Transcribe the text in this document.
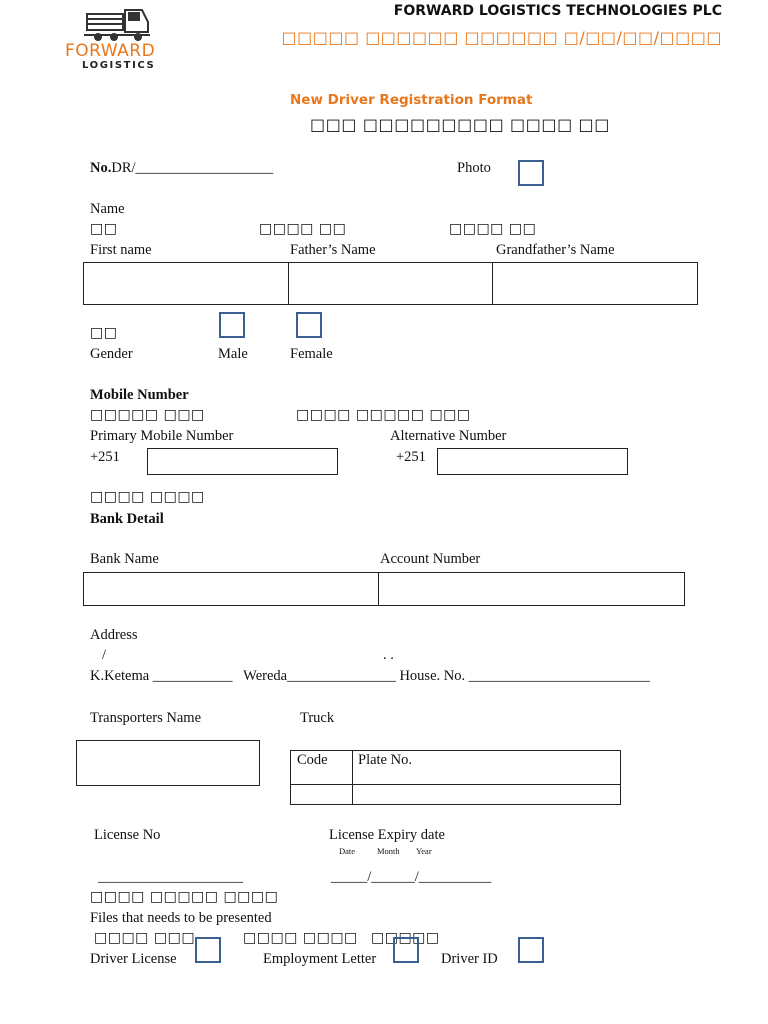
FORWARD
LOGISTICS
FORWARD LOGISTICS TECHNOLOGIES PLC
□□□□□ □□□□□□ □□□□□□ □/□□/□□/□□□□
New Driver Registration Format
□□□ □□□□□□□□□ □□□□ □□
No.DR/___________________	Photo
Name
□□	□□□□ □□	□□□□ □□
First name	Father’s Name	Grandfather’s Name
□□
Gender	Male	Female
Mobile Number
□□□□□ □□□	□□□□ □□□□□ □□□
Primary Mobile Number	Alternative Number
+251	+251
□□□□ □□□□
Bank Detail
Bank Name	Account Number
Address
/	. .
K.Ketema ___________   Wereda_______________ House. No. _________________________
Transporters Name	Truck
Code Plate No.
License No	License Expiry date
Date	Month Year
____________________	_____/______/__________
□□□□ □□□□□ □□□□
Files that needs to be presented
□□□□ □□□	□□□□ □□□□ □□□□□
Driver License	Employment Letter	Driver ID
